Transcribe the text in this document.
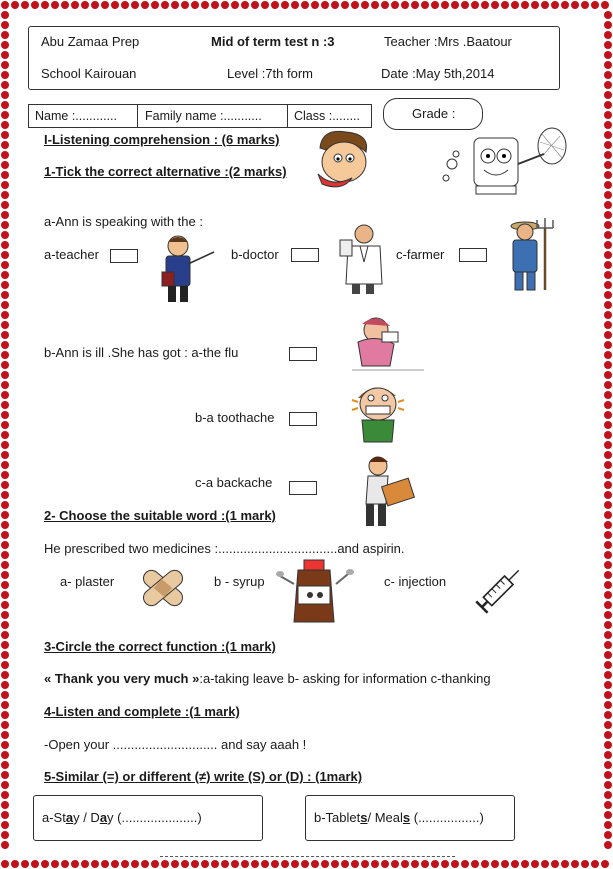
Abu Zamaa Prep	Mid of term test n :3	Teacher :Mrs .Baatour
School Kairouan	Level :7th form	Date :May 5th,2014
Name :............ Family name :...........	Class :........	Grade :
I-Listening comprehension : (6 marks)
1-Tick the correct alternative :(2 marks)
a-Ann is speaking with the :
a-teacher	b-doctor	c-farmer
b-Ann is ill .She has got : a-the flu
b-a toothache
c-a backache
2- Choose the suitable word :(1 mark)
He prescribed two medicines :.................................and aspirin.
a- plaster	b - syrup	c- injection
3-Circle the correct function :(1 mark)
« Thank you very much »:a-taking leave b- asking for information c-thanking
4-Listen and complete :(1 mark)
-Open your ............................. and say aaah !
5-Similar (=) or different (≠) write (S) or (D) : (1mark)
a-Stay / Day (.....................)	b-Tablets/ Meals (.................)
